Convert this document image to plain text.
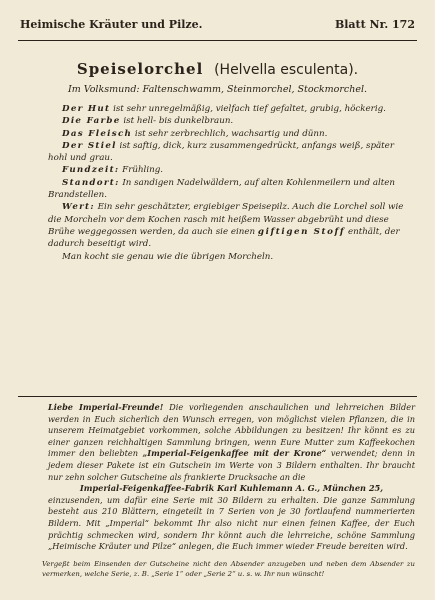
Heimische Kräuter und Pilze.	Blatt Nr. 172
Speiselorchel (Helvella esculenta).
Im Volksmund: Faltenschwamm, Steinmorchel, Stockmorchel.

Der Hut ist sehr unregelmäßig, vielfach tief gefaltet, grubig, höckerig.

Die Farbe ist hell- bis dunkelbraun.

Das Fleisch ist sehr zerbrechlich, wachsartig und dünn.

Der Stiel ist saftig, dick, kurz zusammengedrückt, anfangs weiß, später hohl und grau.

Fundzeit: Frühling.

Standort: In sandigen Nadelwäldern, auf alten Kohlenmeilern und alten Brandstellen.

Wert: Ein sehr geschätzter, ergiebiger Speisepilz. Auch die Lorchel soll wie die Morcheln vor dem Kochen rasch mit heißem Wasser abgebrüht und diese Brühe weggegossen werden, da auch sie einen giftigen Stoff enthält, der dadurch beseitigt wird.

Man kocht sie genau wie die übrigen Morcheln.

Liebe Imperial-Freunde! Die vorliegenden anschaulichen und lehrreichen Bilder werden in Euch sicherlich den Wunsch erregen, von möglichst vielen Pflanzen, die in unserem Heimatgebiet vorkommen, solche Abbildungen zu besitzen! Ihr könnt es zu einer ganzen reichhaltigen Sammlung bringen, wenn Eure Mutter zum Kaffeekochen immer den beliebten „Imperial-Feigenkaffee mit der Krone“ verwendet; denn in jedem dieser Pakete ist ein Gutschein im Werte von 3 Bildern enthalten. Ihr braucht nur zehn solcher Gutscheine als frankierte Drucksache an die

Imperial-Feigenkaffee-Fabrik Karl Kuhlemann A. G., München 25,

einzusenden, um dafür eine Serie mit 30 Bildern zu erhalten. Die ganze Sammlung besteht aus 210 Blättern, eingeteilt in 7 Serien von je 30 fortlaufend nummerierten Bildern. Mit „Imperial“ bekommt Ihr also nicht nur einen feinen Kaffee, der Euch prächtig schmecken wird, sondern Ihr könnt auch die lehrreiche, schöne Sammlung „Heimische Kräuter und Pilze“ anlegen, die Euch immer wieder Freude bereiten wird.

Vergeßt beim Einsenden der Gutscheine nicht den Absender anzugeben und neben dem Absender zu vermerken, welche Serie, z. B. „Serie 1“ oder „Serie 2“ u. s. w. Ihr nun wünscht!
